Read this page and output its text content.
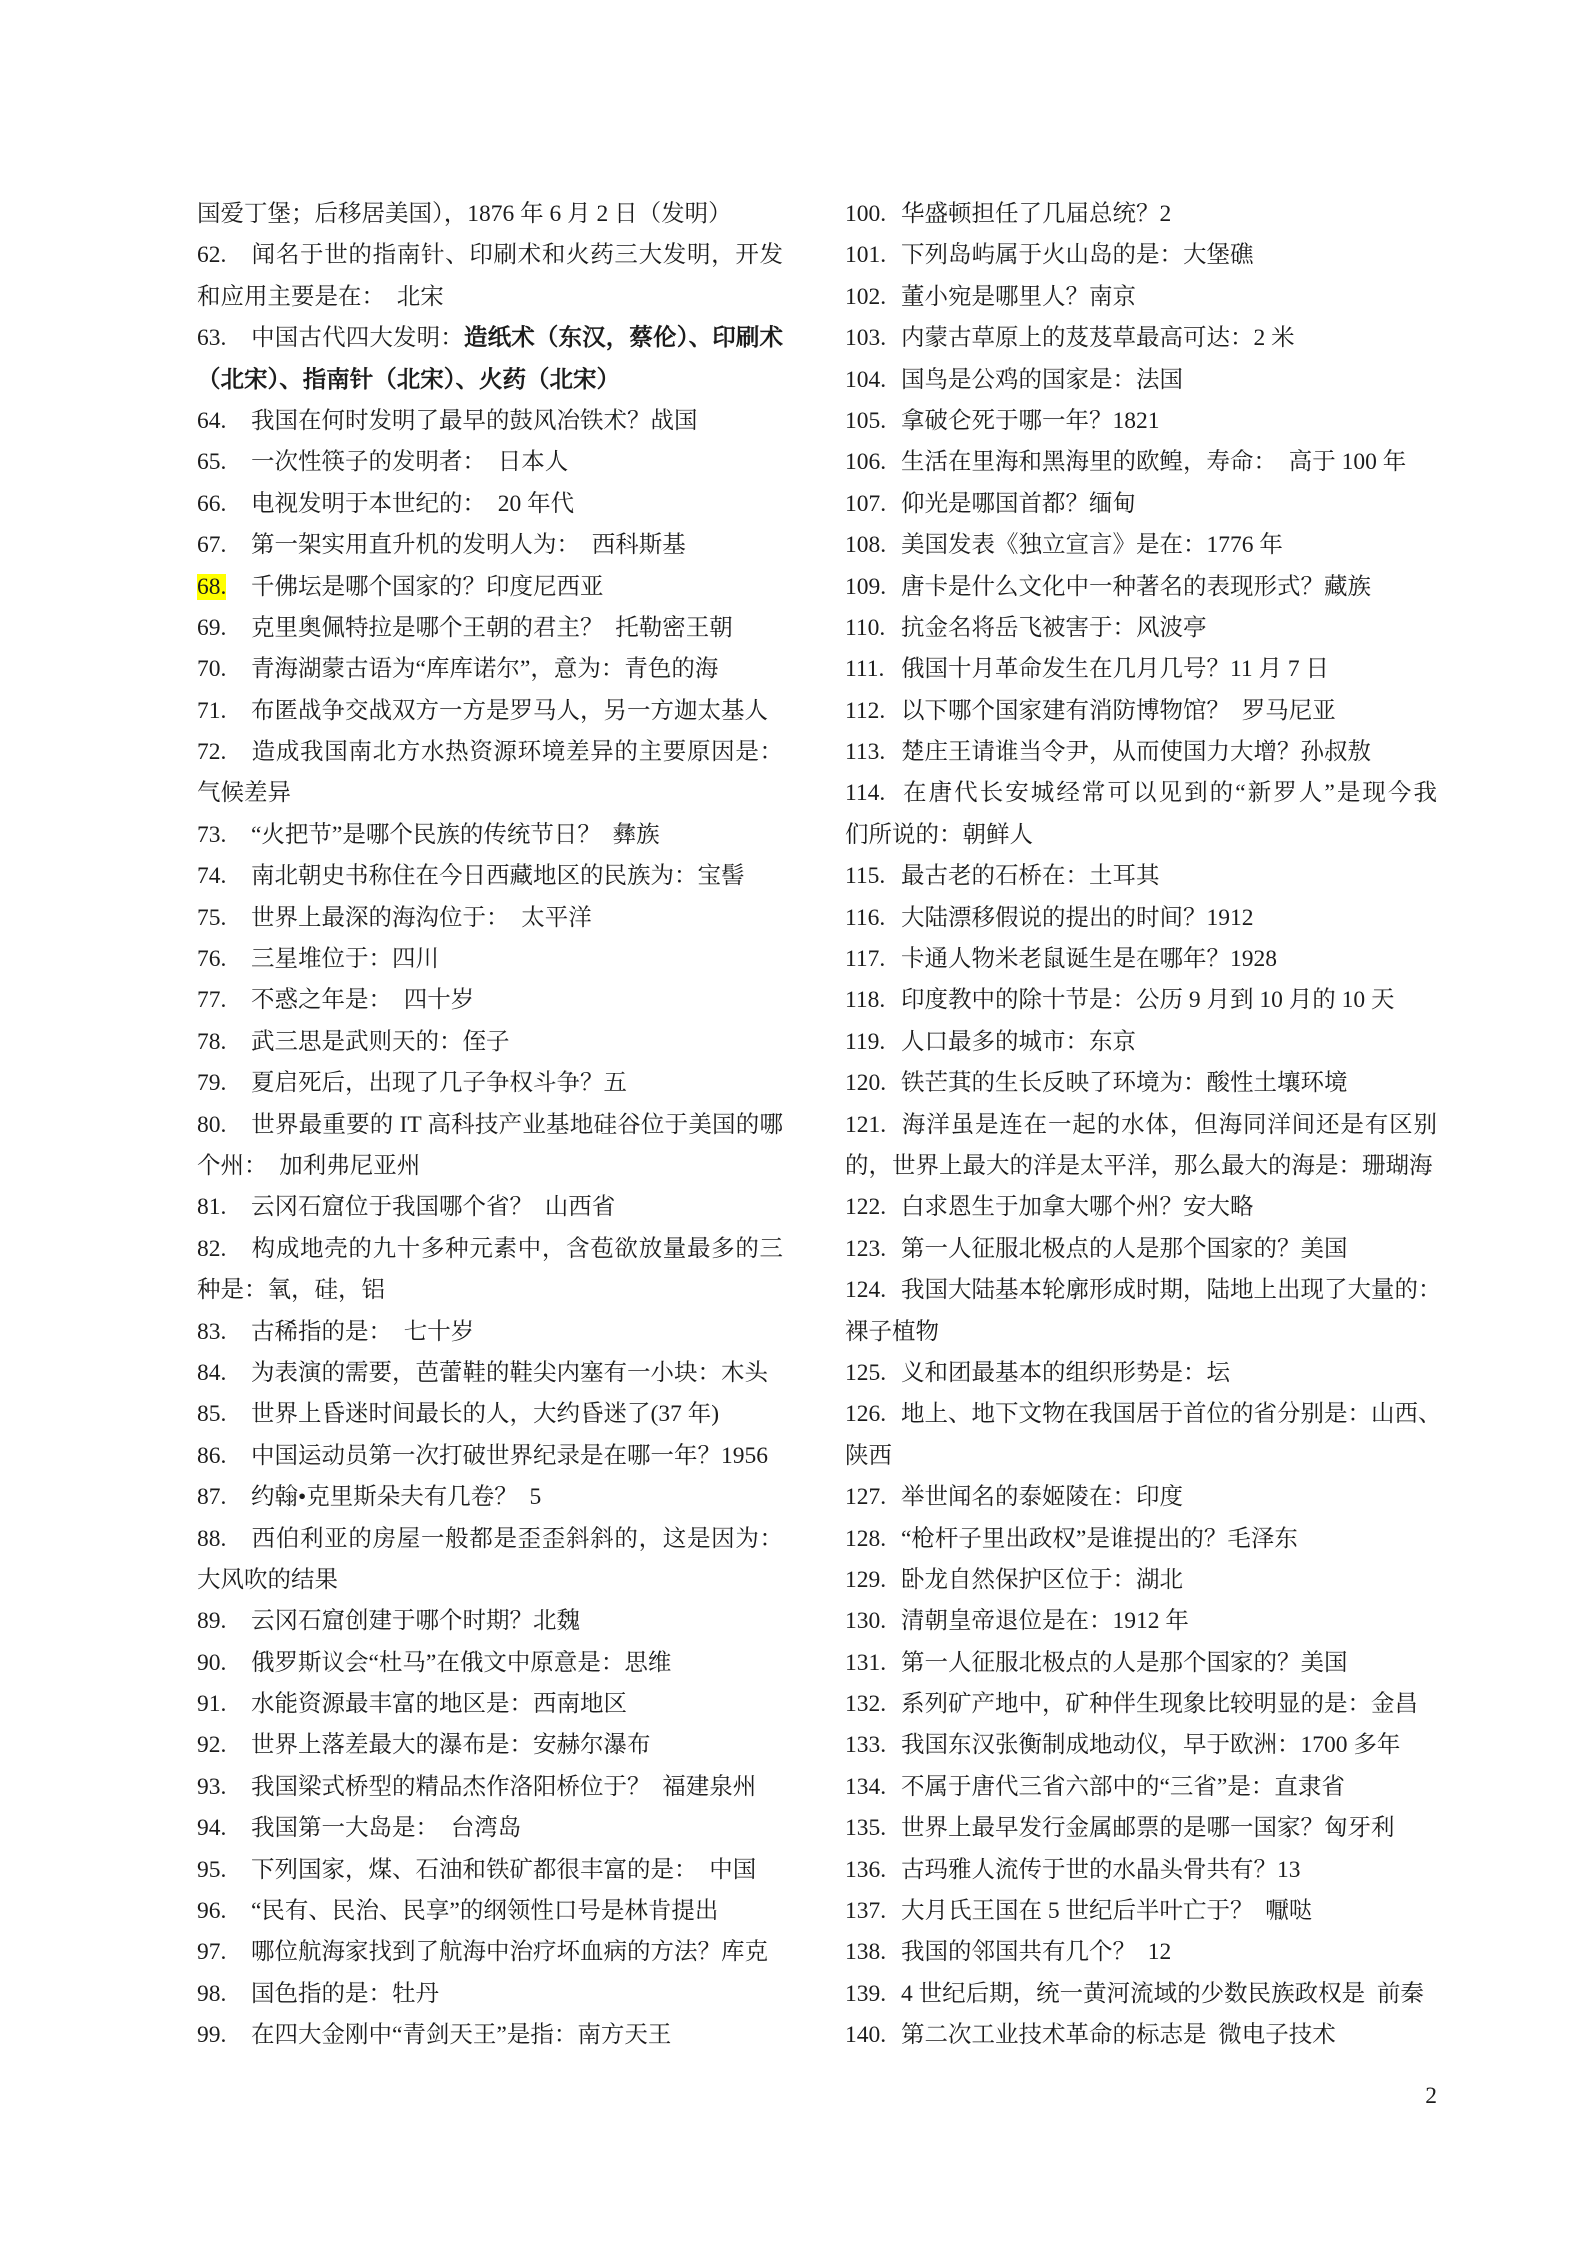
国爱丁堡；后移居美国），1876 年 6 月 2 日（发明）
62. 闻名于世的指南针、印刷术和火药三大发明，开发
和应用主要是在：  北宋
63. 中国古代四大发明：造纸术（东汉，蔡伦）、印刷术
（北宋）、指南针（北宋）、火药（北宋）
64. 我国在何时发明了最早的鼓风冶铁术？战国
65. 一次性筷子的发明者：  日本人
66. 电视发明于本世纪的：  20 年代
67. 第一架实用直升机的发明人为：  西科斯基
68. 千佛坛是哪个国家的？印度尼西亚
69. 克里奥佩特拉是哪个王朝的君主？  托勒密王朝
70. 青海湖蒙古语为“库库诺尔”，意为：青色的海
71. 布匿战争交战双方一方是罗马人，另一方迦太基人
72. 造成我国南北方水热资源环境差异的主要原因是：
气候差异
73. “火把节”是哪个民族的传统节日？  彝族
74. 南北朝史书称住在今日西藏地区的民族为：宝髻
75. 世界上最深的海沟位于：  太平洋
76. 三星堆位于：四川
77. 不惑之年是：  四十岁
78. 武三思是武则天的：侄子
79. 夏启死后，出现了几子争权斗争？五
80. 世界最重要的 IT 高科技产业基地硅谷位于美国的哪
个州：  加利弗尼亚州
81. 云冈石窟位于我国哪个省？  山西省
82. 构成地壳的九十多种元素中，含苞欲放量最多的三
种是：氧，硅，铝
83. 古稀指的是：  七十岁
84. 为表演的需要，芭蕾鞋的鞋尖内塞有一小块：木头
85. 世界上昏迷时间最长的人，大约昏迷了(37 年)
86. 中国运动员第一次打破世界纪录是在哪一年？1956
87. 约翰•克里斯朵夫有几卷？  5
88. 西伯利亚的房屋一般都是歪歪斜斜的，这是因为：
大风吹的结果
89. 云冈石窟创建于哪个时期？北魏
90. 俄罗斯议会“杜马”在俄文中原意是：思维
91. 水能资源最丰富的地区是：西南地区
92. 世界上落差最大的瀑布是：安赫尔瀑布
93. 我国梁式桥型的精品杰作洛阳桥位于？  福建泉州
94. 我国第一大岛是：  台湾岛
95. 下列国家，煤、石油和铁矿都很丰富的是：  中国
96. “民有、民治、民享”的纲领性口号是林肯提出
97. 哪位航海家找到了航海中治疗坏血病的方法？库克
98. 国色指的是：牡丹
99. 在四大金刚中“青剑天王”是指：南方天王
100. 华盛顿担任了几届总统？2
101. 下列岛屿属于火山岛的是：大堡礁
102. 董小宛是哪里人？南京
103. 内蒙古草原上的芨芨草最高可达：2 米
104. 国鸟是公鸡的国家是：法国
105. 拿破仑死于哪一年？1821
106. 生活在里海和黑海里的欧鳇，寿命：  高于 100 年
107. 仰光是哪国首都？缅甸
108. 美国发表《独立宣言》是在：1776 年
109. 唐卡是什么文化中一种著名的表现形式？藏族
110. 抗金名将岳飞被害于：风波亭
111. 俄国十月革命发生在几月几号？11 月 7 日
112. 以下哪个国家建有消防博物馆？  罗马尼亚
113. 楚庄王请谁当令尹，从而使国力大增？孙叔敖
114. 在唐代长安城经常可以见到的“新罗人”是现今我
们所说的：朝鲜人
115. 最古老的石桥在：土耳其
116. 大陆漂移假说的提出的时间？1912
117. 卡通人物米老鼠诞生是在哪年？1928
118. 印度教中的除十节是：公历 9 月到 10 月的 10 天
119. 人口最多的城市：东京
120. 铁芒萁的生长反映了环境为：酸性土壤环境
121. 海洋虽是连在一起的水体，但海同洋间还是有区别
的，世界上最大的洋是太平洋，那么最大的海是：珊瑚海
122. 白求恩生于加拿大哪个州？安大略
123. 第一人征服北极点的人是那个国家的？美国
124. 我国大陆基本轮廓形成时期，陆地上出现了大量的：
裸子植物
125. 义和团最基本的组织形势是：坛
126. 地上、地下文物在我国居于首位的省分别是：山西、
陕西
127. 举世闻名的泰姬陵在：印度
128. “枪杆子里出政权”是谁提出的？毛泽东
129. 卧龙自然保护区位于：湖北
130. 清朝皇帝退位是在：1912 年
131. 第一人征服北极点的人是那个国家的？美国
132. 系列矿产地中，矿种伴生现象比较明显的是：金昌
133. 我国东汉张衡制成地动仪，早于欧洲：1700 多年
134. 不属于唐代三省六部中的“三省”是：直隶省
135. 世界上最早发行金属邮票的是哪一国家？匈牙利
136. 古玛雅人流传于世的水晶头骨共有？13
137. 大月氏王国在 5 世纪后半叶亡于？  嚈哒
138. 我国的邻国共有几个？  12
139. 4 世纪后期，统一黄河流域的少数民族政权是  前秦
140. 第二次工业技术革命的标志是  微电子技术
2
